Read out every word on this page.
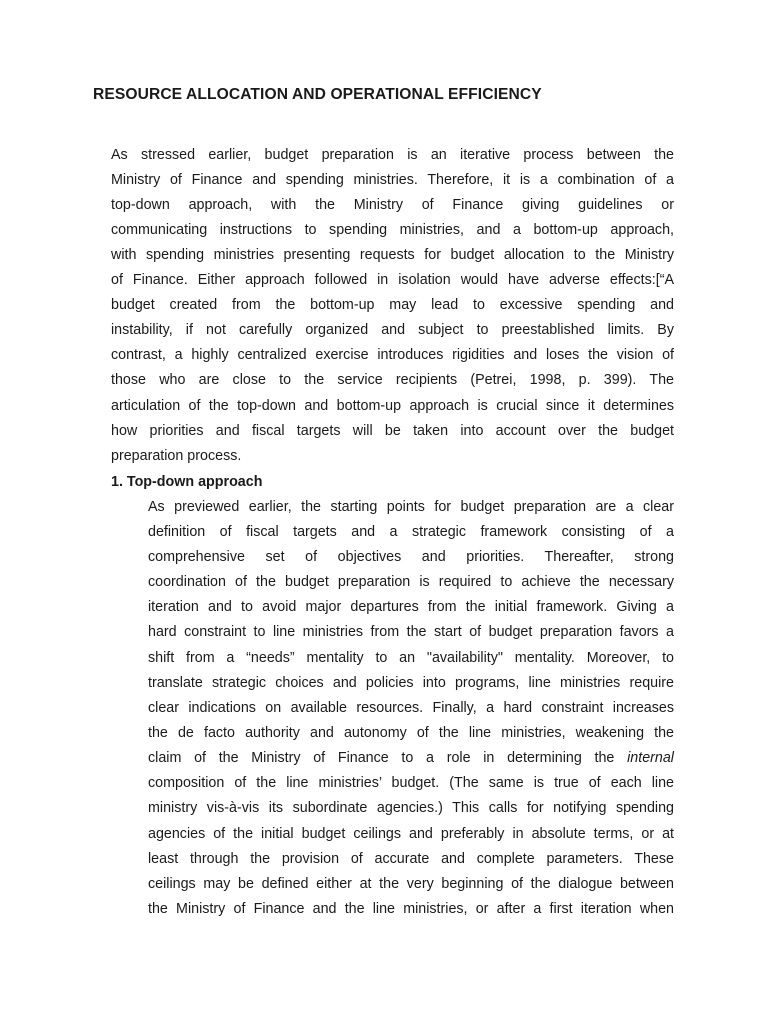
RESOURCE ALLOCATION AND OPERATIONAL EFFICIENCY
As stressed earlier, budget preparation is an iterative process between the
Ministry of Finance and spending ministries. Therefore, it is a combination of a
top-down approach, with the Ministry of Finance giving guidelines or
communicating instructions to spending ministries, and a bottom-up approach,
with spending ministries presenting requests for budget allocation to the Ministry
of Finance. Either approach followed in isolation would have adverse effects:[“A
budget created from the bottom-up may lead to excessive spending and
instability, if not carefully organized and subject to preestablished limits. By
contrast, a highly centralized exercise introduces rigidities and loses the vision of
those who are close to the service recipients (Petrei, 1998, p. 399). The
articulation of the top-down and bottom-up approach is crucial since it determines
how priorities and fiscal targets will be taken into account over the budget
preparation process.
1. Top-down approach
As previewed earlier, the starting points for budget preparation are a clear
definition of fiscal targets and a strategic framework consisting of a
comprehensive set of objectives and priorities. Thereafter, strong
coordination of the budget preparation is required to achieve the necessary
iteration and to avoid major departures from the initial framework. Giving a
hard constraint to line ministries from the start of budget preparation favors a
shift from a “needs” mentality to an "availability" mentality. Moreover, to
translate strategic choices and policies into programs, line ministries require
clear indications on available resources. Finally, a hard constraint increases
the de facto authority and autonomy of the line ministries, weakening the
claim of the Ministry of Finance to a role in determining the internal
composition of the line ministries’ budget. (The same is true of each line
ministry vis-à-vis its subordinate agencies.) This calls for notifying spending
agencies of the initial budget ceilings and preferably in absolute terms, or at
least through the provision of accurate and complete parameters. These
ceilings may be defined either at the very beginning of the dialogue between
the Ministry of Finance and the line ministries, or after a first iteration when
